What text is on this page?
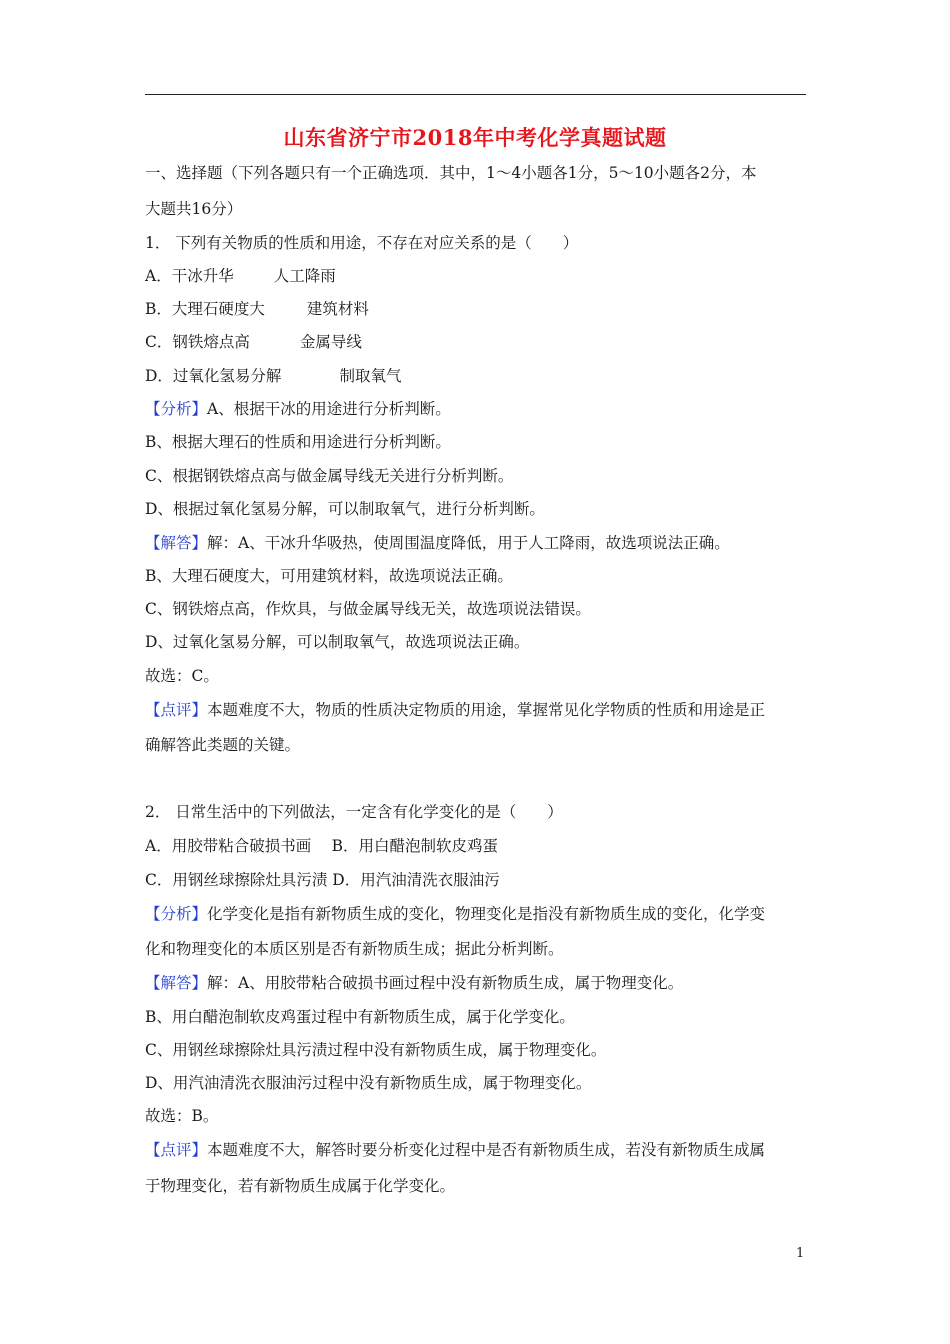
山东省济宁市2018年中考化学真题试题
一、选择题（下列各题只有一个正确选项．其中，1～4小题各1分，5～10小题各2分，本
大题共16分）
1． 下列有关物质的性质和用途，不存在对应关系的是（　　）
A．干冰升华	人工降雨
B．大理石硬度大	建筑材料
C．钢铁熔点高	金属导线
D．过氧化氢易分解	制取氧气
【分析】A、根据干冰的用途进行分析判断。
B、根据大理石的性质和用途进行分析判断。
C、根据钢铁熔点高与做金属导线无关进行分析判断。
D、根据过氧化氢易分解，可以制取氧气，进行分析判断。
【解答】解：A、干冰升华吸热，使周围温度降低，用于人工降雨，故选项说法正确。
B、大理石硬度大，可用建筑材料，故选项说法正确。
C、钢铁熔点高，作炊具，与做金属导线无关，故选项说法错误。
D、过氧化氢易分解，可以制取氧气，故选项说法正确。
故选：C。
【点评】本题难度不大，物质的性质决定物质的用途，掌握常见化学物质的性质和用途是正
确解答此类题的关键。
2． 日常生活中的下列做法，一定含有化学变化的是（　　）
A．用胶带粘合破损书画　 B．用白醋泡制软皮鸡蛋
C．用钢丝球擦除灶具污渍 D．用汽油清洗衣服油污
【分析】化学变化是指有新物质生成的变化，物理变化是指没有新物质生成的变化，化学变
化和物理变化的本质区别是否有新物质生成；据此分析判断。
【解答】解：A、用胶带粘合破损书画过程中没有新物质生成，属于物理变化。
B、用白醋泡制软皮鸡蛋过程中有新物质生成，属于化学变化。
C、用钢丝球擦除灶具污渍过程中没有新物质生成，属于物理变化。
D、用汽油清洗衣服油污过程中没有新物质生成，属于物理变化。
故选：B。
【点评】本题难度不大，解答时要分析变化过程中是否有新物质生成，若没有新物质生成属
于物理变化，若有新物质生成属于化学变化。
1
